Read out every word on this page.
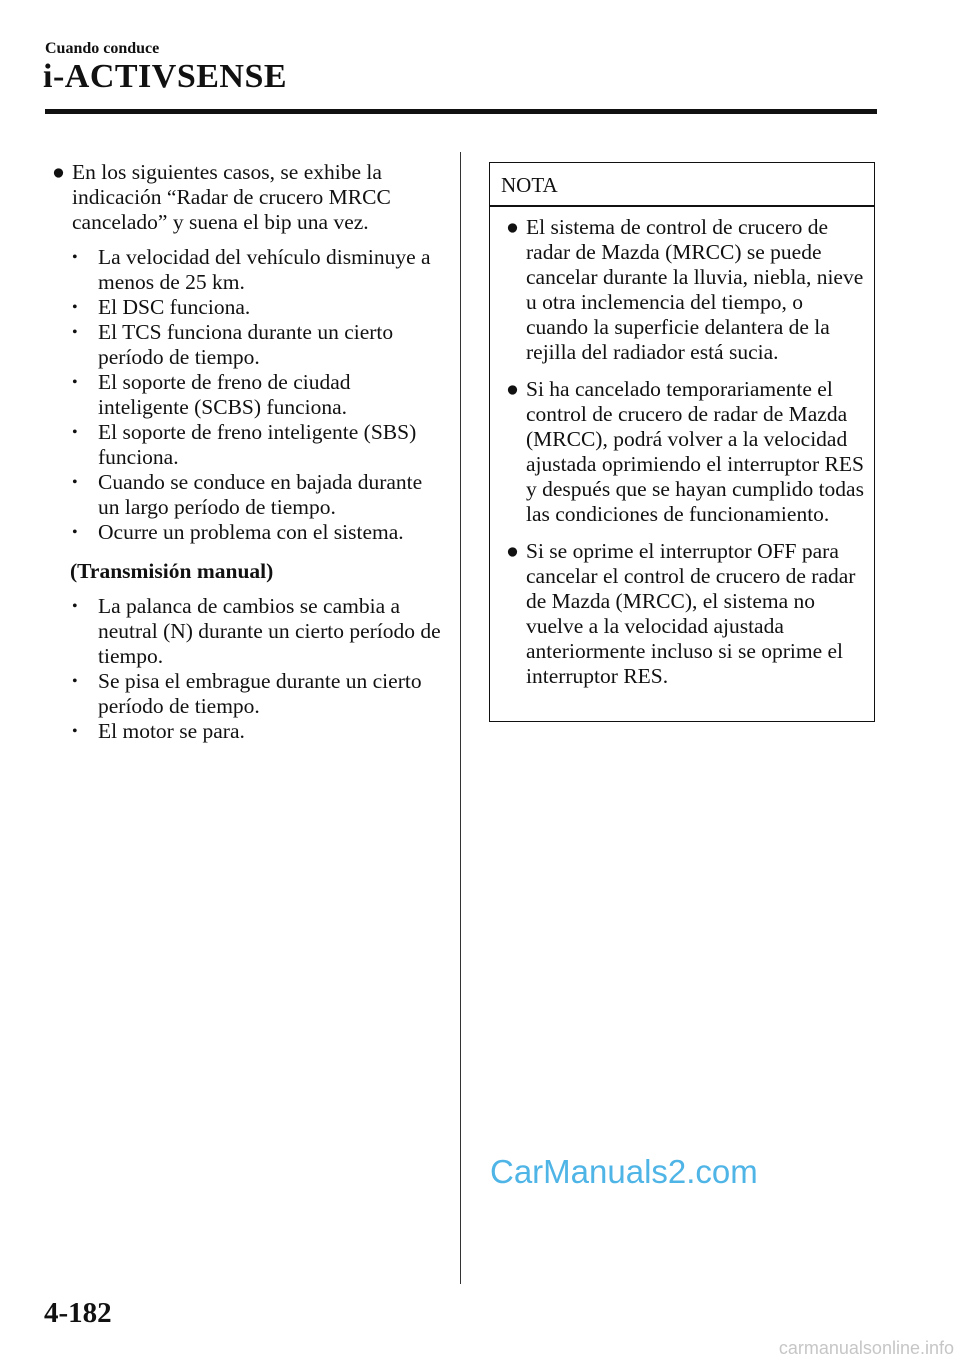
Cuando conduce
i-ACTIVSENSE
● En los siguientes casos, se exhibe la indicación “Radar de crucero MRCC cancelado” y suena el bip una vez.
• La velocidad del vehículo disminuye a menos de 25 km.
• El DSC funciona.
• El TCS funciona durante un cierto período de tiempo.
• El soporte de freno de ciudad inteligente (SCBS) funciona.
• El soporte de freno inteligente (SBS) funciona.
• Cuando se conduce en bajada durante un largo período de tiempo.
• Ocurre un problema con el sistema.
(Transmisión manual)
• La palanca de cambios se cambia a neutral (N) durante un cierto período de tiempo.
• Se pisa el embrague durante un cierto período de tiempo.
• El motor se para.
NOTA
● El sistema de control de crucero de radar de Mazda (MRCC) se puede cancelar durante la lluvia, niebla, nieve u otra inclemencia del tiempo, o cuando la superficie delantera de la rejilla del radiador está sucia.
● Si ha cancelado temporariamente el control de crucero de radar de Mazda (MRCC), podrá volver a la velocidad ajustada oprimiendo el interruptor RES y después que se hayan cumplido todas las condiciones de funcionamiento.
● Si se oprime el interruptor OFF para cancelar el control de crucero de radar de Mazda (MRCC), el sistema no vuelve a la velocidad ajustada anteriormente incluso si se oprime el interruptor RES.
4-182
CarManuals2.com
carmanualsonline.info
